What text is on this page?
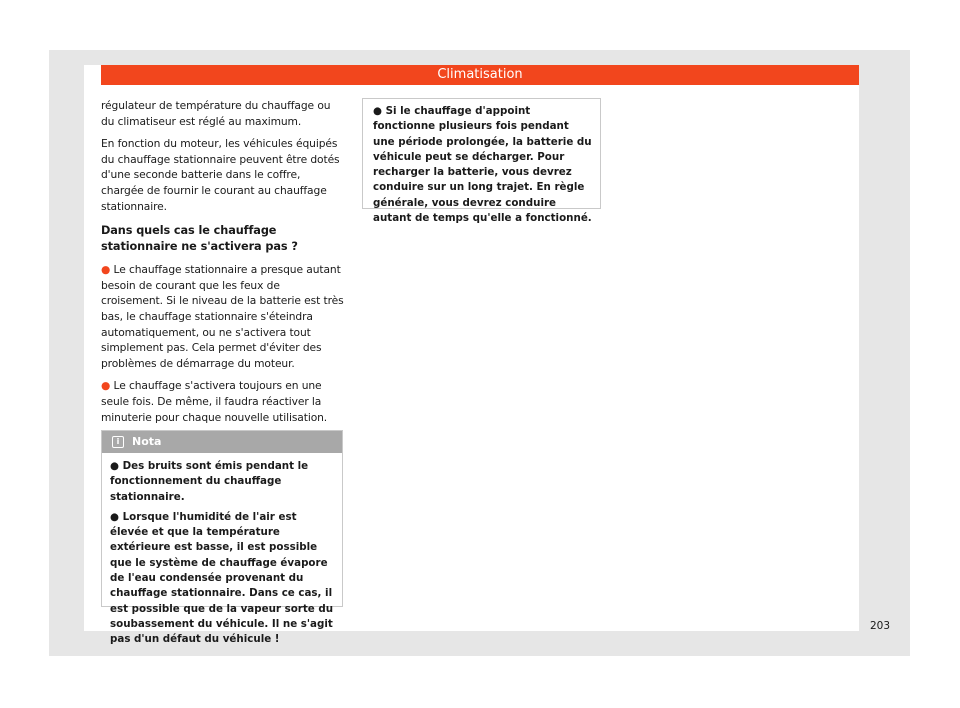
Climatisation

régulateur de température du chauffage ou du climatiseur est réglé au maximum.

En fonction du moteur, les véhicules équipés du chauffage stationnaire peuvent être dotés d'une seconde batterie dans le coffre, chargée de fournir le courant au chauffage stationnaire.

Dans quels cas le chauffage stationnaire ne s'activera pas ?

● Le chauffage stationnaire a presque autant besoin de courant que les feux de croisement. Si le niveau de la batterie est très bas, le chauffage stationnaire s'éteindra automatiquement, ou ne s'activera tout simplement pas. Cela permet d'éviter des problèmes de démarrage du moteur.

● Le chauffage s'activera toujours en une seule fois. De même, il faudra réactiver la minuterie pour chaque nouvelle utilisation.

i	Nota

● Des bruits sont émis pendant le fonctionnement du chauffage stationnaire.

● Lorsque l'humidité de l'air est élevée et que la température extérieure est basse, il est possible que le système de chauffage évapore de l'eau condensée provenant du chauffage stationnaire. Dans ce cas, il est possible que de la vapeur sorte du soubassement du véhicule. Il ne s'agit pas d'un défaut du véhicule !

● Si le chauffage d'appoint fonctionne plusieurs fois pendant une période prolongée, la batterie du véhicule peut se décharger. Pour recharger la batterie, vous devrez conduire sur un long trajet. En règle générale, vous devrez conduire autant de temps qu'elle a fonctionné.
203
